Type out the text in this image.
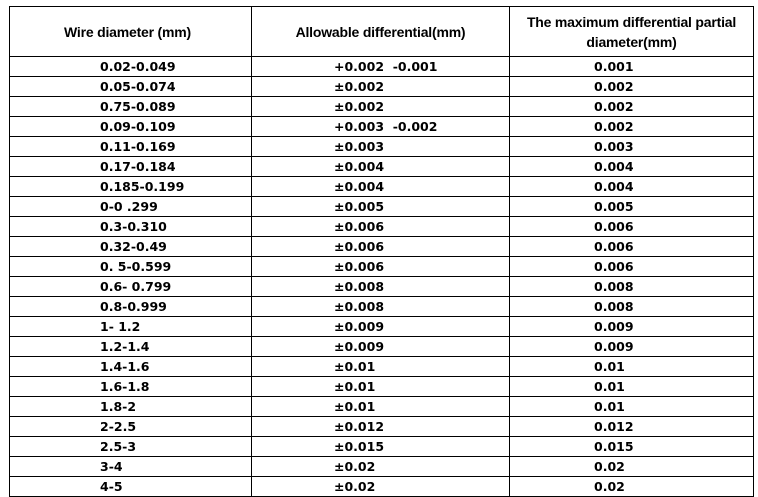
Wire diameter (mm)	Allowable differential(mm)	The maximum differential partial diameter(mm)
0.02-0.049	+0.002  -0.001	0.001
0.05-0.074	±0.002	0.002
0.75-0.089	±0.002	0.002
0.09-0.109	+0.003  -0.002	0.002
0.11-0.169	±0.003	0.003
0.17-0.184	±0.004	0.004
0.185-0.199	±0.004	0.004
0-0 .299	±0.005	0.005
0.3-0.310	±0.006	0.006
0.32-0.49	±0.006	0.006
0. 5-0.599	±0.006	0.006
0.6- 0.799	±0.008	0.008
0.8-0.999	±0.008	0.008
1- 1.2	±0.009	0.009
1.2-1.4	±0.009	0.009
1.4-1.6	±0.01	0.01
1.6-1.8	±0.01	0.01
1.8-2	±0.01	0.01
2-2.5	±0.012	0.012
2.5-3	±0.015	0.015
3-4	±0.02	0.02
4-5	±0.02	0.02
